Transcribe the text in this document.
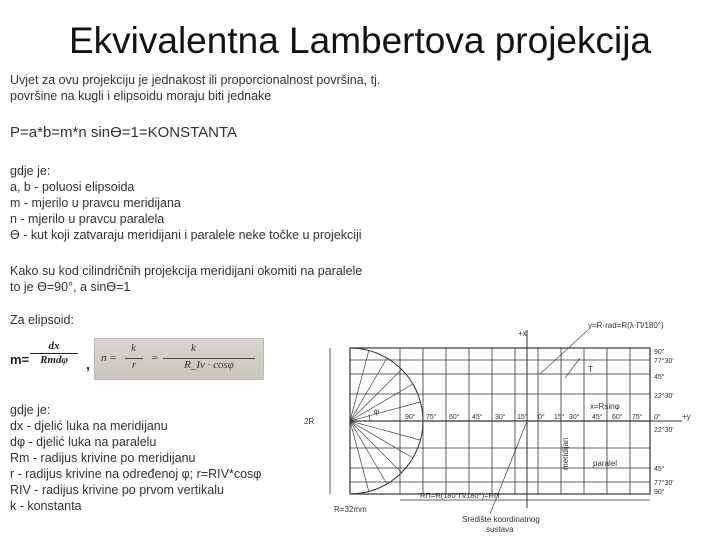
Ekvivalentna Lambertova projekcija
Uvjet za ovu projekciju je jednakost ili proporcionalnost površina, tj.
površine na kugli i elipsoidu moraju biti jednake
P=a*b=m*n sinϴ=1=KONSTANTA
gdje je:
a, b - poluosi elipsoida
m - mjerilo u pravcu meridijana
n - mjerilo u pravcu paralela
ϴ - kut koji zatvaraju meridijani i paralele neke točke u projekciji
Kako su kod cilindričnih projekcija meridijani okomiti na paralele
to je ϴ=90°, a sinϴ=1
Za elipsoid:
m=
dx
Rmdφ	, n =
k
r
=
k
R_Iv · cosφ
gdje je:
dx - djelić luka na meridijanu
dφ - djelić luka na paralelu
Rm - radijus krivine po meridijanu
r - radijus krivine na određenoj φ; r=RIV*cosφ
RIV - radijus krivine po prvom vertikalu
k - konstanta
+x
y=R·rad=R(λ·Π/180°)
φ
2R
T
x=Rsinφ
+y
meridijan	paralel
90° 75° 60° 45° 30° 15° 0° 15° 30° 45° 60° 75° 0°
90°
77°30'
45°
22°30'
22°30'
45°
77°30'
90°
RΠ=R(180°Π/180°)=RΠ
R=32mm
Središte koordinatnog
sustava
